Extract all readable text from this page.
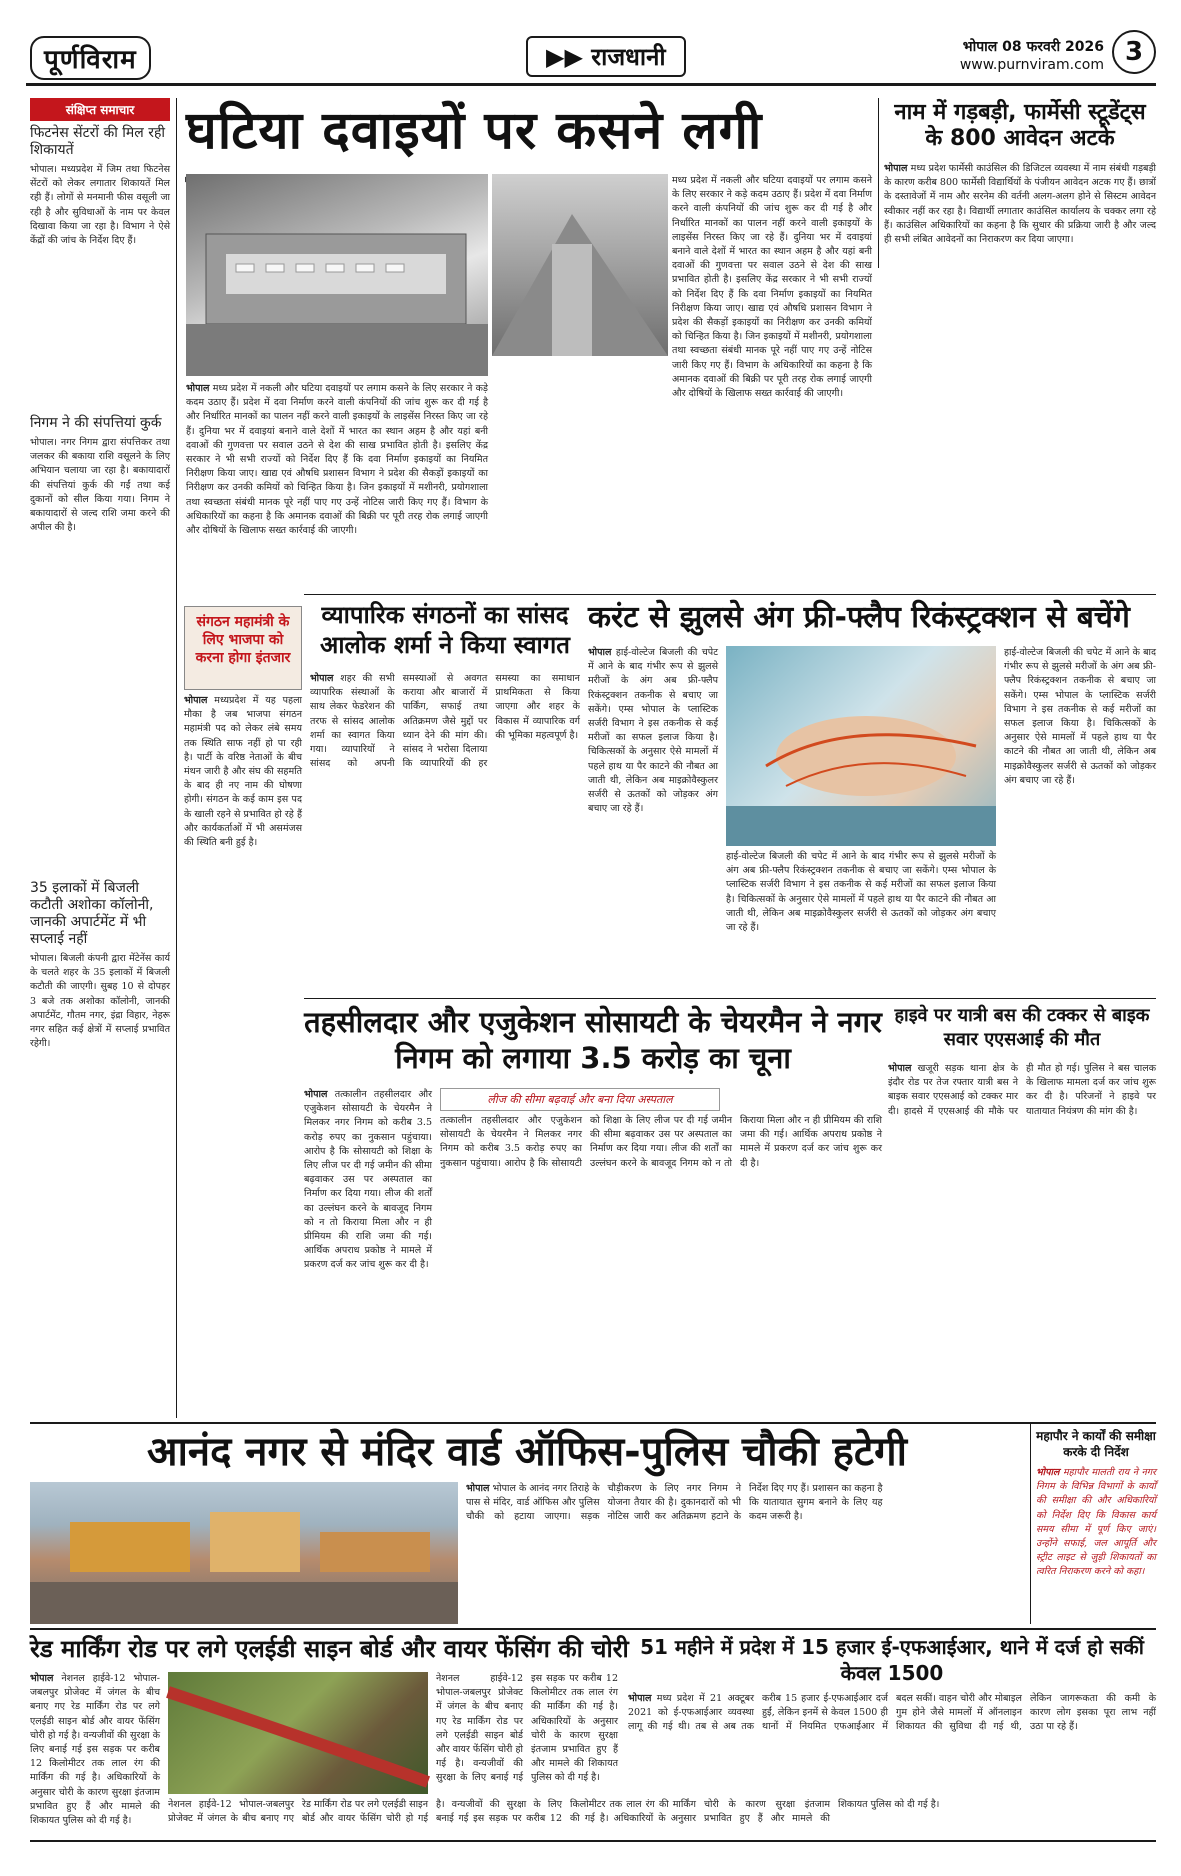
पूर्णविराम	▶▶ राजधानी	भोपाल 08 फरवरी 2026
www.purnviram.com 3
संक्षिप्त समाचार
फिटनेस सेंटरों की मिल रही शिकायतें
भोपाल। मध्यप्रदेश में जिम तथा फिटनेस सेंटरों को लेकर लगातार शिकायतें मिल रही हैं। लोगों से मनमानी फीस वसूली जा रही है और सुविधाओं के नाम पर केवल दिखावा किया जा रहा है। विभाग ने ऐसे केंद्रों की जांच के निर्देश दिए हैं।
निगम ने की संपत्तियां कुर्क
भोपाल। नगर निगम द्वारा संपत्तिकर तथा जलकर की बकाया राशि वसूलने के लिए अभियान चलाया जा रहा है। बकायादारों की संपत्तियां कुर्क की गईं तथा कई दुकानों को सील किया गया। निगम ने बकायादारों से जल्द राशि जमा करने की अपील की है।
35 इलाकों में बिजली कटौती अशोका कॉलोनी, जानकी अपार्टमेंट में भी सप्लाई नहीं
भोपाल। बिजली कंपनी द्वारा मेंटेनेंस कार्य के चलते शहर के 35 इलाकों में बिजली कटौती की जाएगी। सुबह 10 से दोपहर 3 बजे तक अशोका कॉलोनी, जानकी अपार्टमेंट, गौतम नगर, इंद्रा विहार, नेहरू नगर सहित कई क्षेत्रों में सप्लाई प्रभावित रहेगी।
घटिया दवाइयों पर कसने लगी
भोपाल मध्य प्रदेश में नकली और घटिया दवाइयों पर लगाम कसने के लिए सरकार ने कड़े कदम उठाए हैं। प्रदेश में दवा निर्माण करने वाली कंपनियों की जांच शुरू कर दी गई है और निर्धारित मानकों का पालन नहीं करने वाली इकाइयों के लाइसेंस निरस्त किए जा रहे हैं। दुनिया भर में दवाइयां बनाने वाले देशों में भारत का स्थान अहम है और यहां बनी दवाओं की गुणवत्ता पर सवाल उठने से देश की साख प्रभावित होती है। इसलिए केंद्र सरकार ने भी सभी राज्यों को निर्देश दिए हैं कि दवा निर्माण इकाइयों का नियमित निरीक्षण किया जाए। खाद्य एवं औषधि प्रशासन विभाग ने प्रदेश की सैकड़ों इकाइयों का निरीक्षण कर उनकी कमियों को चिन्हित किया है। जिन इकाइयों में मशीनरी, प्रयोगशाला तथा स्वच्छता संबंधी मानक पूरे नहीं पाए गए उन्हें नोटिस जारी किए गए हैं। विभाग के अधिकारियों का कहना है कि अमानक दवाओं की बिक्री पर पूरी तरह रोक लगाई जाएगी और दोषियों के खिलाफ सख्त कार्रवाई की जाएगी।
मध्य प्रदेश में नकली और घटिया दवाइयों पर लगाम कसने के लिए सरकार ने कड़े कदम उठाए हैं। प्रदेश में दवा निर्माण करने वाली कंपनियों की जांच शुरू कर दी गई है और निर्धारित मानकों का पालन नहीं करने वाली इकाइयों के लाइसेंस निरस्त किए जा रहे हैं। दुनिया भर में दवाइयां बनाने वाले देशों में भारत का स्थान अहम है और यहां बनी दवाओं की गुणवत्ता पर सवाल उठने से देश की साख प्रभावित होती है। इसलिए केंद्र सरकार ने भी सभी राज्यों को निर्देश दिए हैं कि दवा निर्माण इकाइयों का नियमित निरीक्षण किया जाए। खाद्य एवं औषधि प्रशासन विभाग ने प्रदेश की सैकड़ों इकाइयों का निरीक्षण कर उनकी कमियों को चिन्हित किया है। जिन इकाइयों में मशीनरी, प्रयोगशाला तथा स्वच्छता संबंधी मानक पूरे नहीं पाए गए उन्हें नोटिस जारी किए गए हैं। विभाग के अधिकारियों का कहना है कि अमानक दवाओं की बिक्री पर पूरी तरह रोक लगाई जाएगी और दोषियों के खिलाफ सख्त कार्रवाई की जाएगी।
नाम में गड़बड़ी, फार्मेसी स्टूडेंट्स के 800 आवेदन अटके
भोपाल मध्य प्रदेश फार्मेसी काउंसिल की डिजिटल व्यवस्था में नाम संबंधी गड़बड़ी के कारण करीब 800 फार्मेसी विद्यार्थियों के पंजीयन आवेदन अटक गए हैं। छात्रों के दस्तावेजों में नाम और सरनेम की वर्तनी अलग-अलग होने से सिस्टम आवेदन स्वीकार नहीं कर रहा है। विद्यार्थी लगातार काउंसिल कार्यालय के चक्कर लगा रहे हैं। काउंसिल अधिकारियों का कहना है कि सुधार की प्रक्रिया जारी है और जल्द ही सभी लंबित आवेदनों का निराकरण कर दिया जाएगा।
संगठन महामंत्री के लिए भाजपा को करना होगा इंतजार
भोपाल मध्यप्रदेश में यह पहला मौका है जब भाजपा संगठन महामंत्री पद को लेकर लंबे समय तक स्थिति साफ नहीं हो पा रही है। पार्टी के वरिष्ठ नेताओं के बीच मंथन जारी है और संघ की सहमति के बाद ही नए नाम की घोषणा होगी। संगठन के कई काम इस पद के खाली रहने से प्रभावित हो रहे हैं और कार्यकर्ताओं में भी असमंजस की स्थिति बनी हुई है।
व्यापारिक संगठनों का सांसद आलोक शर्मा ने किया स्वागत
भोपाल शहर की सभी व्यापारिक संस्थाओं के साथ लेकर फेडरेशन की तरफ से सांसद आलोक शर्मा का स्वागत किया गया। व्यापारियों ने सांसद को अपनी समस्याओं से अवगत कराया और बाजारों में पार्किंग, सफाई तथा अतिक्रमण जैसे मुद्दों पर ध्यान देने की मांग की। सांसद ने भरोसा दिलाया कि व्यापारियों की हर समस्या का समाधान प्राथमिकता से किया जाएगा और शहर के विकास में व्यापारिक वर्ग की भूमिका महत्वपूर्ण है।
करंट से झुलसे अंग फ्री-फ्लैप रिकंस्ट्रक्शन से बचेंगे
भोपाल हाई-वोल्टेज बिजली की चपेट में आने के बाद गंभीर रूप से झुलसे मरीजों के अंग अब फ्री-फ्लैप रिकंस्ट्रक्शन तकनीक से बचाए जा सकेंगे। एम्स भोपाल के प्लास्टिक सर्जरी विभाग ने इस तकनीक से कई मरीजों का सफल इलाज किया है। चिकित्सकों के अनुसार ऐसे मामलों में पहले हाथ या पैर काटने की नौबत आ जाती थी, लेकिन अब माइक्रोवैस्कुलर सर्जरी से ऊतकों को जोड़कर अंग बचाए जा रहे हैं।
हाई-वोल्टेज बिजली की चपेट में आने के बाद गंभीर रूप से झुलसे मरीजों के अंग अब फ्री-फ्लैप रिकंस्ट्रक्शन तकनीक से बचाए जा सकेंगे। एम्स भोपाल के प्लास्टिक सर्जरी विभाग ने इस तकनीक से कई मरीजों का सफल इलाज किया है। चिकित्सकों के अनुसार ऐसे मामलों में पहले हाथ या पैर काटने की नौबत आ जाती थी, लेकिन अब माइक्रोवैस्कुलर सर्जरी से ऊतकों को जोड़कर अंग बचाए जा रहे हैं।
हाई-वोल्टेज बिजली की चपेट में आने के बाद गंभीर रूप से झुलसे मरीजों के अंग अब फ्री-फ्लैप रिकंस्ट्रक्शन तकनीक से बचाए जा सकेंगे। एम्स भोपाल के प्लास्टिक सर्जरी विभाग ने इस तकनीक से कई मरीजों का सफल इलाज किया है। चिकित्सकों के अनुसार ऐसे मामलों में पहले हाथ या पैर काटने की नौबत आ जाती थी, लेकिन अब माइक्रोवैस्कुलर सर्जरी से ऊतकों को जोड़कर अंग बचाए जा रहे हैं।
तहसीलदार और एजुकेशन सोसायटी के चेयरमैन ने नगर निगम को लगाया 3.5 करोड़ का चूना
भोपाल तत्कालीन तहसीलदार और एजुकेशन सोसायटी के चेयरमैन ने मिलकर नगर निगम को करीब 3.5 करोड़ रुपए का नुकसान पहुंचाया। आरोप है कि सोसायटी को शिक्षा के लिए लीज पर दी गई जमीन की सीमा बढ़वाकर उस पर अस्पताल का निर्माण कर दिया गया। लीज की शर्तों का उल्लंघन करने के बावजूद निगम को न तो किराया मिला और न ही प्रीमियम की राशि जमा की गई। आर्थिक अपराध प्रकोष्ठ ने मामले में प्रकरण दर्ज कर जांच शुरू कर दी है।
लीज की सीमा बढ़वाई और बना दिया अस्पताल
तत्कालीन तहसीलदार और एजुकेशन सोसायटी के चेयरमैन ने मिलकर नगर निगम को करीब 3.5 करोड़ रुपए का नुकसान पहुंचाया। आरोप है कि सोसायटी को शिक्षा के लिए लीज पर दी गई जमीन की सीमा बढ़वाकर उस पर अस्पताल का निर्माण कर दिया गया। लीज की शर्तों का उल्लंघन करने के बावजूद निगम को न तो किराया मिला और न ही प्रीमियम की राशि जमा की गई। आर्थिक अपराध प्रकोष्ठ ने मामले में प्रकरण दर्ज कर जांच शुरू कर दी है।
हाइवे पर यात्री बस की टक्कर से बाइक सवार एएसआई की मौत
भोपाल खजूरी सड़क थाना क्षेत्र के इंदौर रोड पर तेज रफ्तार यात्री बस ने बाइक सवार एएसआई को टक्कर मार दी। हादसे में एएसआई की मौके पर ही मौत हो गई। पुलिस ने बस चालक के खिलाफ मामला दर्ज कर जांच शुरू कर दी है। परिजनों ने हाइवे पर यातायात नियंत्रण की मांग की है।
आनंद नगर से मंदिर वार्ड ऑफिस-पुलिस चौकी हटेगी
भोपाल भोपाल के आनंद नगर तिराहे के पास से मंदिर, वार्ड ऑफिस और पुलिस चौकी को हटाया जाएगा। सड़क चौड़ीकरण के लिए नगर निगम ने योजना तैयार की है। दुकानदारों को भी नोटिस जारी कर अतिक्रमण हटाने के निर्देश दिए गए हैं। प्रशासन का कहना है कि यातायात सुगम बनाने के लिए यह कदम जरूरी है।
महापौर ने कार्यों की समीक्षा करके दी निर्देश
भोपाल महापौर मालती राय ने नगर निगम के विभिन्न विभागों के कार्यों की समीक्षा की और अधिकारियों को निर्देश दिए कि विकास कार्य समय सीमा में पूर्ण किए जाएं। उन्होंने सफाई, जल आपूर्ति और स्ट्रीट लाइट से जुड़ी शिकायतों का त्वरित निराकरण करने को कहा।
रेड मार्किंग रोड पर लगे एलईडी साइन बोर्ड और वायर फेंसिंग की चोरी
भोपाल नेशनल हाईवे-12 भोपाल-जबलपुर प्रोजेक्ट में जंगल के बीच बनाए गए रेड मार्किंग रोड पर लगे एलईडी साइन बोर्ड और वायर फेंसिंग चोरी हो गई है। वन्यजीवों की सुरक्षा के लिए बनाई गई इस सड़क पर करीब 12 किलोमीटर तक लाल रंग की मार्किंग की गई है। अधिकारियों के अनुसार चोरी के कारण सुरक्षा इंतजाम प्रभावित हुए हैं और मामले की शिकायत पुलिस को दी गई है।
नेशनल हाईवे-12 भोपाल-जबलपुर प्रोजेक्ट में जंगल के बीच बनाए गए रेड मार्किंग रोड पर लगे एलईडी साइन बोर्ड और वायर फेंसिंग चोरी हो गई है। वन्यजीवों की सुरक्षा के लिए बनाई गई इस सड़क पर करीब 12 किलोमीटर तक लाल रंग की मार्किंग की गई है। अधिकारियों के अनुसार चोरी के कारण सुरक्षा इंतजाम प्रभावित हुए हैं और मामले की शिकायत पुलिस को दी गई है।
नेशनल हाईवे-12 भोपाल-जबलपुर प्रोजेक्ट में जंगल के बीच बनाए गए रेड मार्किंग रोड पर लगे एलईडी साइन बोर्ड और वायर फेंसिंग चोरी हो गई है। वन्यजीवों की सुरक्षा के लिए बनाई गई इस सड़क पर करीब 12 किलोमीटर तक लाल रंग की मार्किंग की गई है। अधिकारियों के अनुसार चोरी के कारण सुरक्षा इंतजाम प्रभावित हुए हैं और मामले की शिकायत पुलिस को दी गई है।
51 महीने में प्रदेश में 15 हजार ई-एफआईआर, थाने में दर्ज हो सकीं केवल 1500
भोपाल मध्य प्रदेश में 21 अक्टूबर 2021 को ई-एफआईआर व्यवस्था लागू की गई थी। तब से अब तक करीब 15 हजार ई-एफआईआर दर्ज हुईं, लेकिन इनमें से केवल 1500 ही थानों में नियमित एफआईआर में बदल सकीं। वाहन चोरी और मोबाइल गुम होने जैसे मामलों में ऑनलाइन शिकायत की सुविधा दी गई थी, लेकिन जागरूकता की कमी के कारण लोग इसका पूरा लाभ नहीं उठा पा रहे हैं।
